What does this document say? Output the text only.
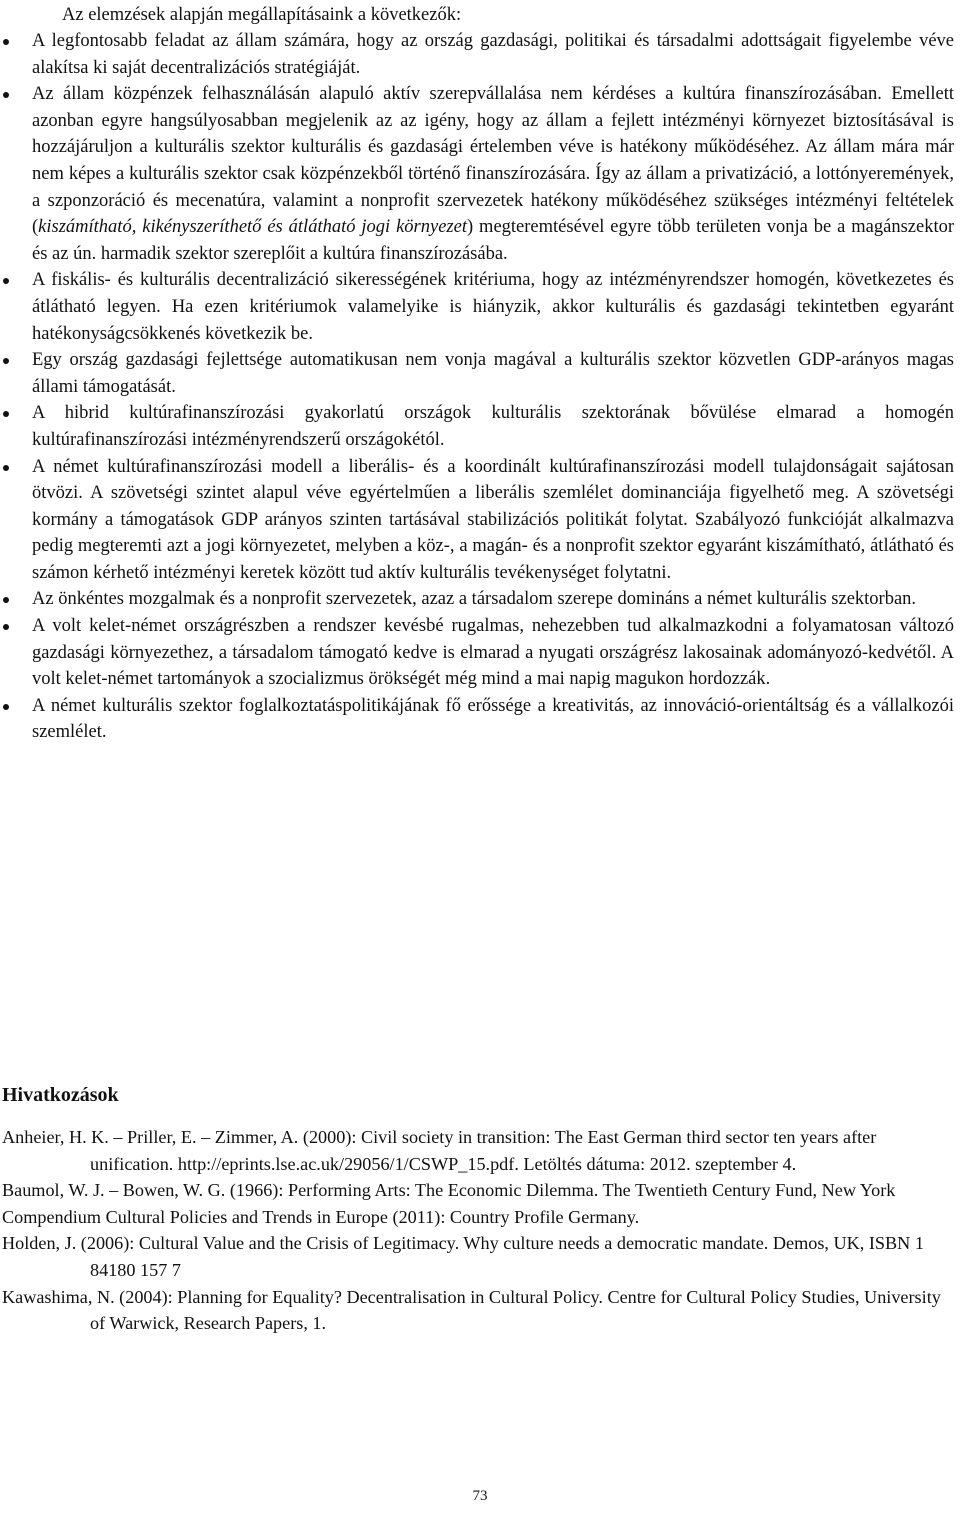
Az elemzések alapján megállapításaink a következők:

A legfontosabb feladat az állam számára, hogy az ország gazdasági, politikai és társadalmi adottságait figyelembe véve alakítsa ki saját decentralizációs stratégiáját.
Az állam közpénzek felhasználásán alapuló aktív szerepvállalása nem kérdéses a kultúra finanszírozásában. Emellett azonban egyre hangsúlyosabban megjelenik az az igény, hogy az állam a fejlett intézményi környezet biztosításával is hozzájáruljon a kulturális szektor kulturális és gazdasági értelemben véve is hatékony működéséhez. Az állam mára már nem képes a kulturális szektor csak közpénzekből történő finanszírozására. Így az állam a privatizáció, a lottónyeremények, a szponzoráció és mecenatúra, valamint a nonprofit szervezetek hatékony működéséhez szükséges intézményi feltételek (kiszámítható, kikényszeríthető és átlátható jogi környezet) megteremtésével egyre több területen vonja be a magánszektor és az ún. harmadik szektor szereplőit a kultúra finanszírozásába.
A fiskális- és kulturális decentralizáció sikerességének kritériuma, hogy az intézményrendszer homogén, következetes és átlátható legyen. Ha ezen kritériumok valamelyike is hiányzik, akkor kulturális és gazdasági tekintetben egyaránt hatékonyságcsökkenés következik be.
Egy ország gazdasági fejlettsége automatikusan nem vonja magával a kulturális szektor közvetlen GDP-arányos magas állami támogatását.
A hibrid kultúrafinanszírozási gyakorlatú országok kulturális szektorának bővülése elmarad a homogén kultúrafinanszírozási intézményrendszerű országokétól.
A német kultúrafinanszírozási modell a liberális- és a koordinált kultúrafinanszírozási modell tulajdonságait sajátosan ötvözi. A szövetségi szintet alapul véve egyértelműen a liberális szemlélet dominanciája figyelhető meg. A szövetségi kormány a támogatások GDP arányos szinten tartásával stabilizációs politikát folytat. Szabályozó funkcióját alkalmazva pedig megteremti azt a jogi környezetet, melyben a köz-, a magán- és a nonprofit szektor egyaránt kiszámítható, átlátható és számon kérhető intézményi keretek között tud aktív kulturális tevékenységet folytatni.
Az önkéntes mozgalmak és a nonprofit szervezetek, azaz a társadalom szerepe domináns a német kulturális szektorban.
A volt kelet-német országrészben a rendszer kevésbé rugalmas, nehezebben tud alkalmazkodni a folyamatosan változó gazdasági környezethez, a társadalom támogató kedve is elmarad a nyugati országrész lakosainak adományozó-kedvétől. A volt kelet-német tartományok a szocializmus örökségét még mind a mai napig magukon hordozzák.
A német kulturális szektor foglalkoztatáspolitikájának fő erőssége a kreativitás, az innováció-orientáltság és a vállalkozói szemlélet.
Hivatkozások

Anheier, H. K. – Priller, E. – Zimmer, A. (2000): Civil society in transition: The East German third sector ten years after unification. http://eprints.lse.ac.uk/29056/1/CSWP_15.pdf. Letöltés dátuma: 2012. szeptember 4.

Baumol, W. J. – Bowen, W. G. (1966): Performing Arts: The Economic Dilemma. The Twentieth Century Fund, New York

Compendium Cultural Policies and Trends in Europe (2011): Country Profile Germany.

Holden, J. (2006): Cultural Value and the Crisis of Legitimacy. Why culture needs a democratic mandate. Demos, UK, ISBN 1 84180 157 7

Kawashima, N. (2004): Planning for Equality? Decentralisation in Cultural Policy. Centre for Cultural Policy Studies, University of Warwick, Research Papers, 1.

73
